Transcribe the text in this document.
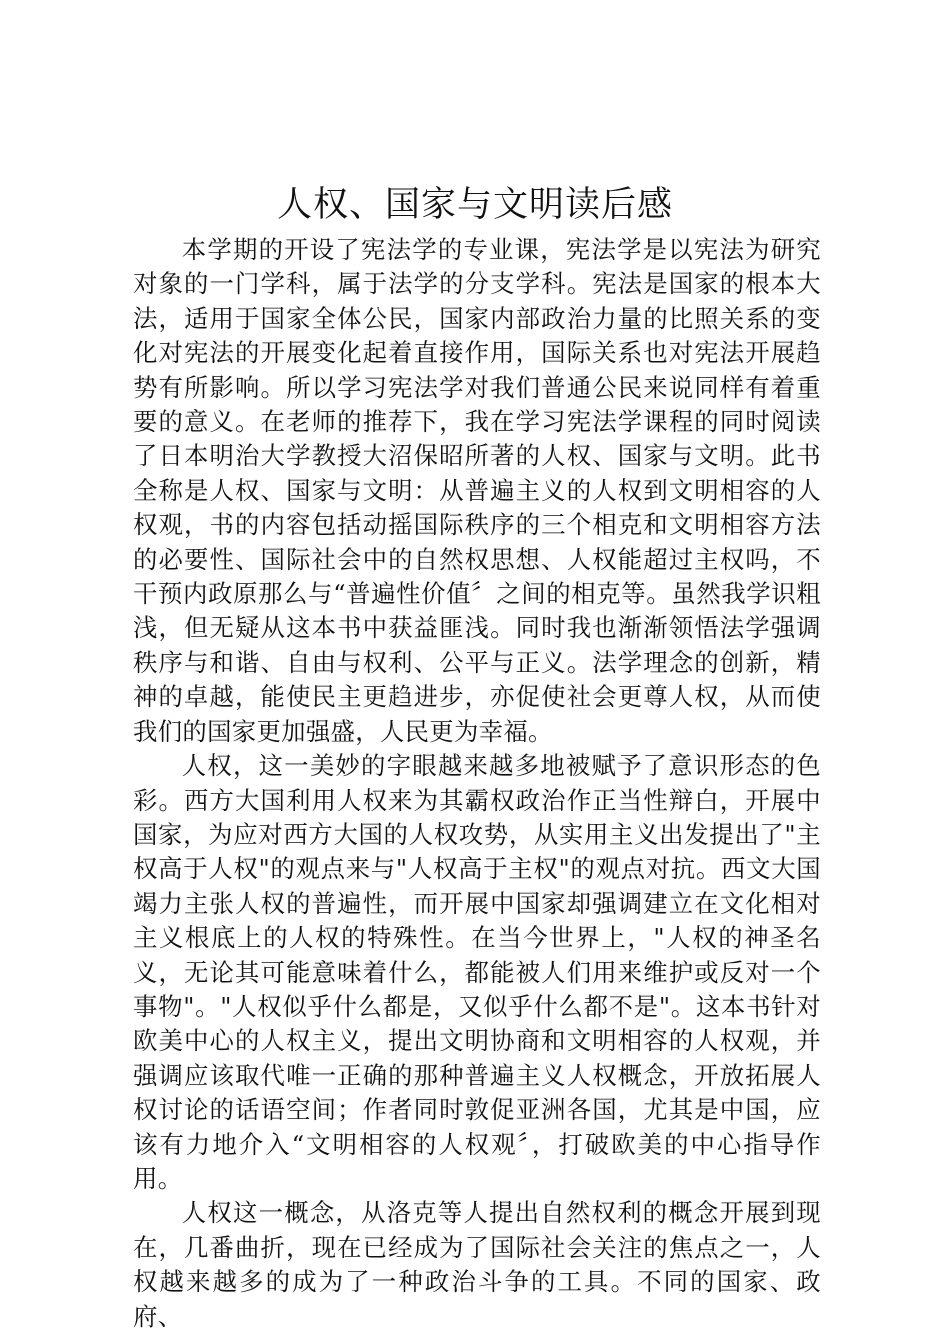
人权、国家与文明读后感

本学期的开设了宪法学的专业课，宪法学是以宪法为研究对象的一门学科，属于法学的分支学科。宪法是国家的根本大法，适用于国家全体公民，国家内部政治力量的比照关系的变化对宪法的开展变化起着直接作用，国际关系也对宪法开展趋势有所影响。所以学习宪法学对我们普通公民来说同样有着重要的意义。在老师的推荐下，我在学习宪法学课程的同时阅读了日本明治大学教授大沼保昭所著的人权、国家与文明。此书全称是人权、国家与文明：从普遍主义的人权到文明相容的人权观，书的内容包括动摇国际秩序的三个相克和文明相容方法的必要性、国际社会中的自然权思想、人权能超过主权吗，不干预内政原那么与“普遍性价值〞之间的相克等。虽然我学识粗浅，但无疑从这本书中获益匪浅。同时我也渐渐领悟法学强调秩序与和谐、自由与权利、公平与正义。法学理念的创新，精神的卓越，能使民主更趋进步，亦促使社会更尊人权，从而使我们的国家更加强盛，人民更为幸福。

人权，这一美妙的字眼越来越多地被赋予了意识形态的色彩。西方大国利用人权来为其霸权政治作正当性辩白，开展中国家，为应对西方大国的人权攻势，从实用主义出发提出了"主权高于人权"的观点来与"人权高于主权"的观点对抗。西文大国竭力主张人权的普遍性，而开展中国家却强调建立在文化相对主义根底上的人权的特殊性。在当今世界上，"人权的神圣名义，无论其可能意味着什么，都能被人们用来维护或反对一个事物"。"人权似乎什么都是，又似乎什么都不是"。这本书针对欧美中心的人权主义，提出文明协商和文明相容的人权观，并强调应该取代唯一正确的那种普遍主义人权概念，开放拓展人权讨论的话语空间；作者同时敦促亚洲各国，尤其是中国，应该有力地介入“文明相容的人权观〞，打破欧美的中心指导作用。

人权这一概念，从洛克等人提出自然权利的概念开展到现在，几番曲折，现在已经成为了国际社会关注的焦点之一，人权越来越多的成为了一种政治斗争的工具。不同的国家、政府、
